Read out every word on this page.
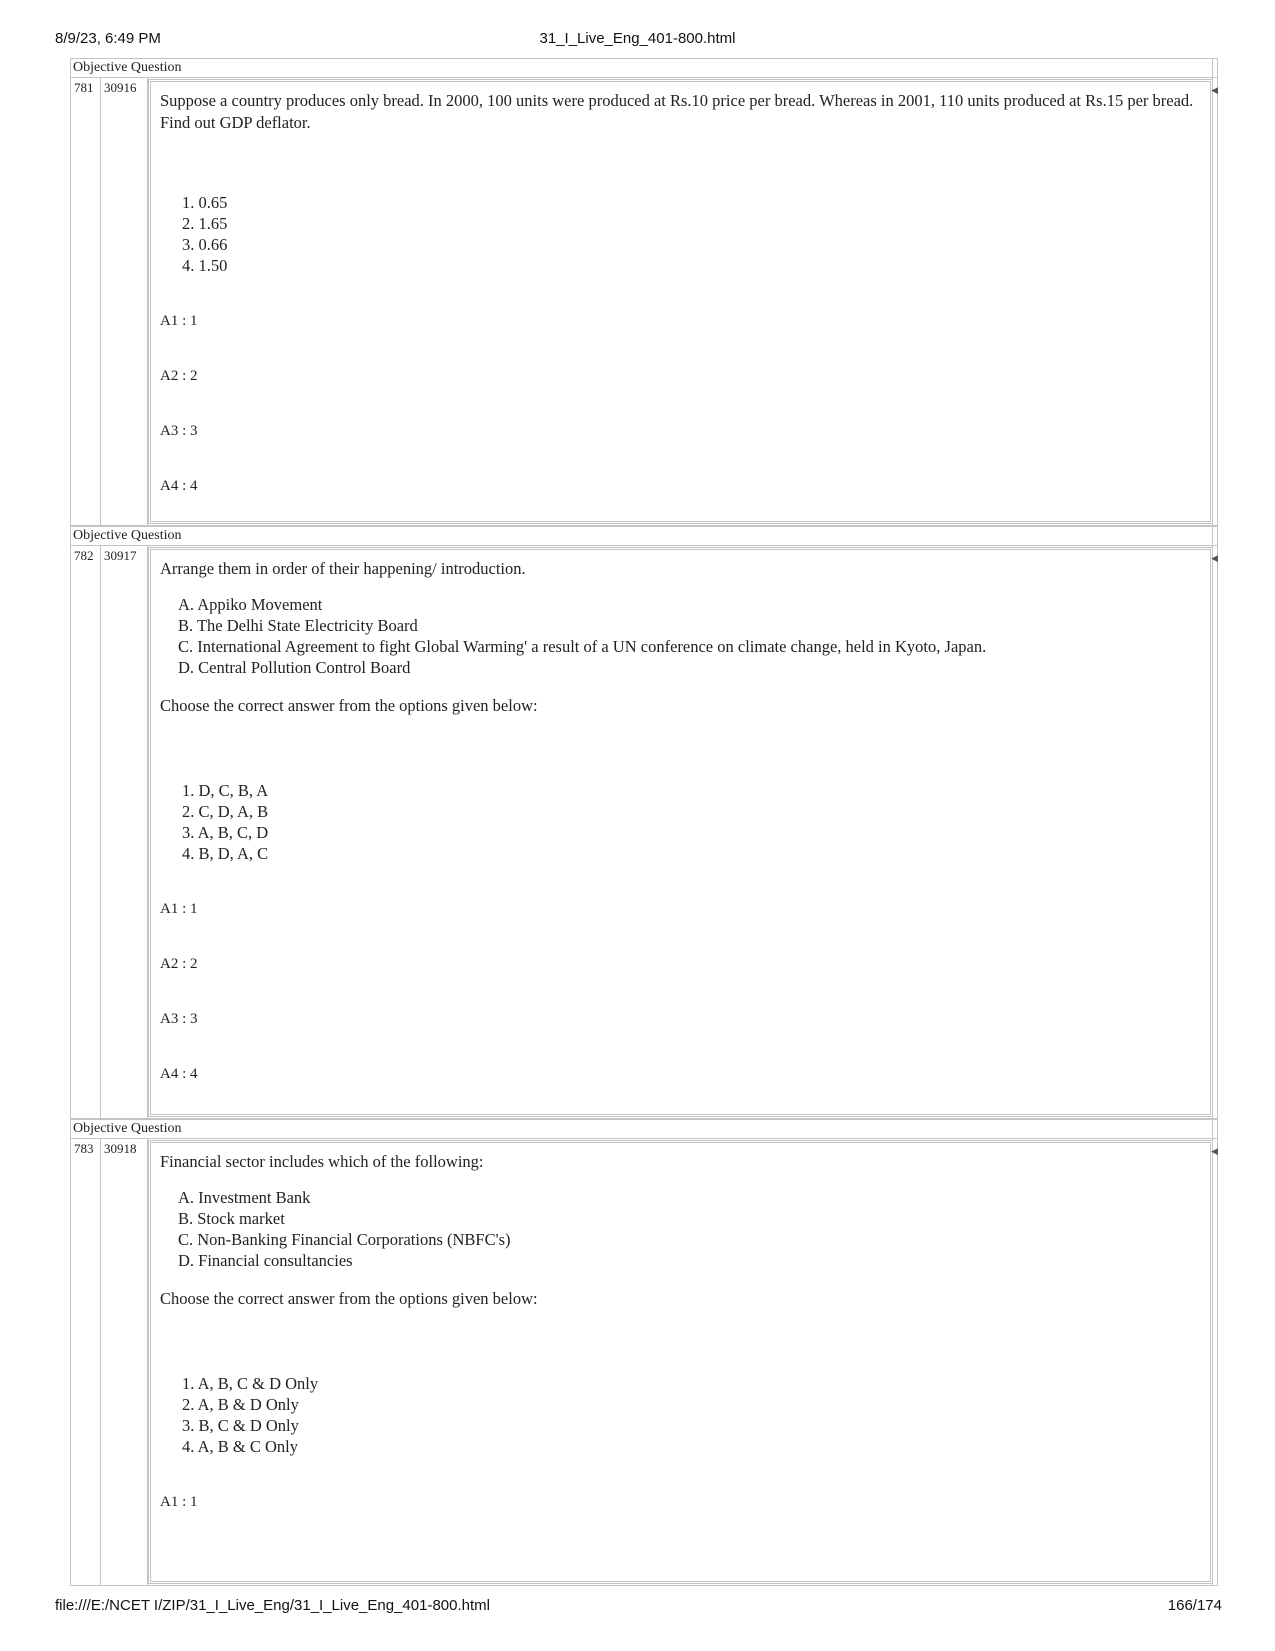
8/9/23, 6:49 PM	31_I_Live_Eng_401-800.html
Objective Question
781 30916

Suppose a country produces only bread. In 2000, 100 units were produced at Rs.10 price per bread. Whereas in 2001, 110 units produced at Rs.15 per bread. Find out GDP deflator.

1. 0.65
2. 1.65
3. 0.66
4. 1.50
A1 : 1
A2 : 2
A3 : 3
A4 : 4
◀
Objective Question
782 30917

Arrange them in order of their happening/ introduction.

A. Appiko Movement
B. The Delhi State Electricity Board
C. International Agreement to fight Global Warming' a result of a UN conference on climate change, held in Kyoto, Japan.
D. Central Pollution Control Board

Choose the correct answer from the options given below:

1. D, C, B, A
2. C, D, A, B
3. A, B, C, D
4. B, D, A, C
A1 : 1
A2 : 2
A3 : 3
A4 : 4
◀
Objective Question
783 30918

Financial sector includes which of the following:

A. Investment Bank
B. Stock market
C. Non-Banking Financial Corporations (NBFC's)
D. Financial consultancies

Choose the correct answer from the options given below:

1. A, B, C & D Only
2. A, B & D Only
3. B, C & D Only
4. A, B & C Only
A1 : 1
◀
file:///E:/NCET I/ZIP/31_I_Live_Eng/31_I_Live_Eng_401-800.html	166/174
